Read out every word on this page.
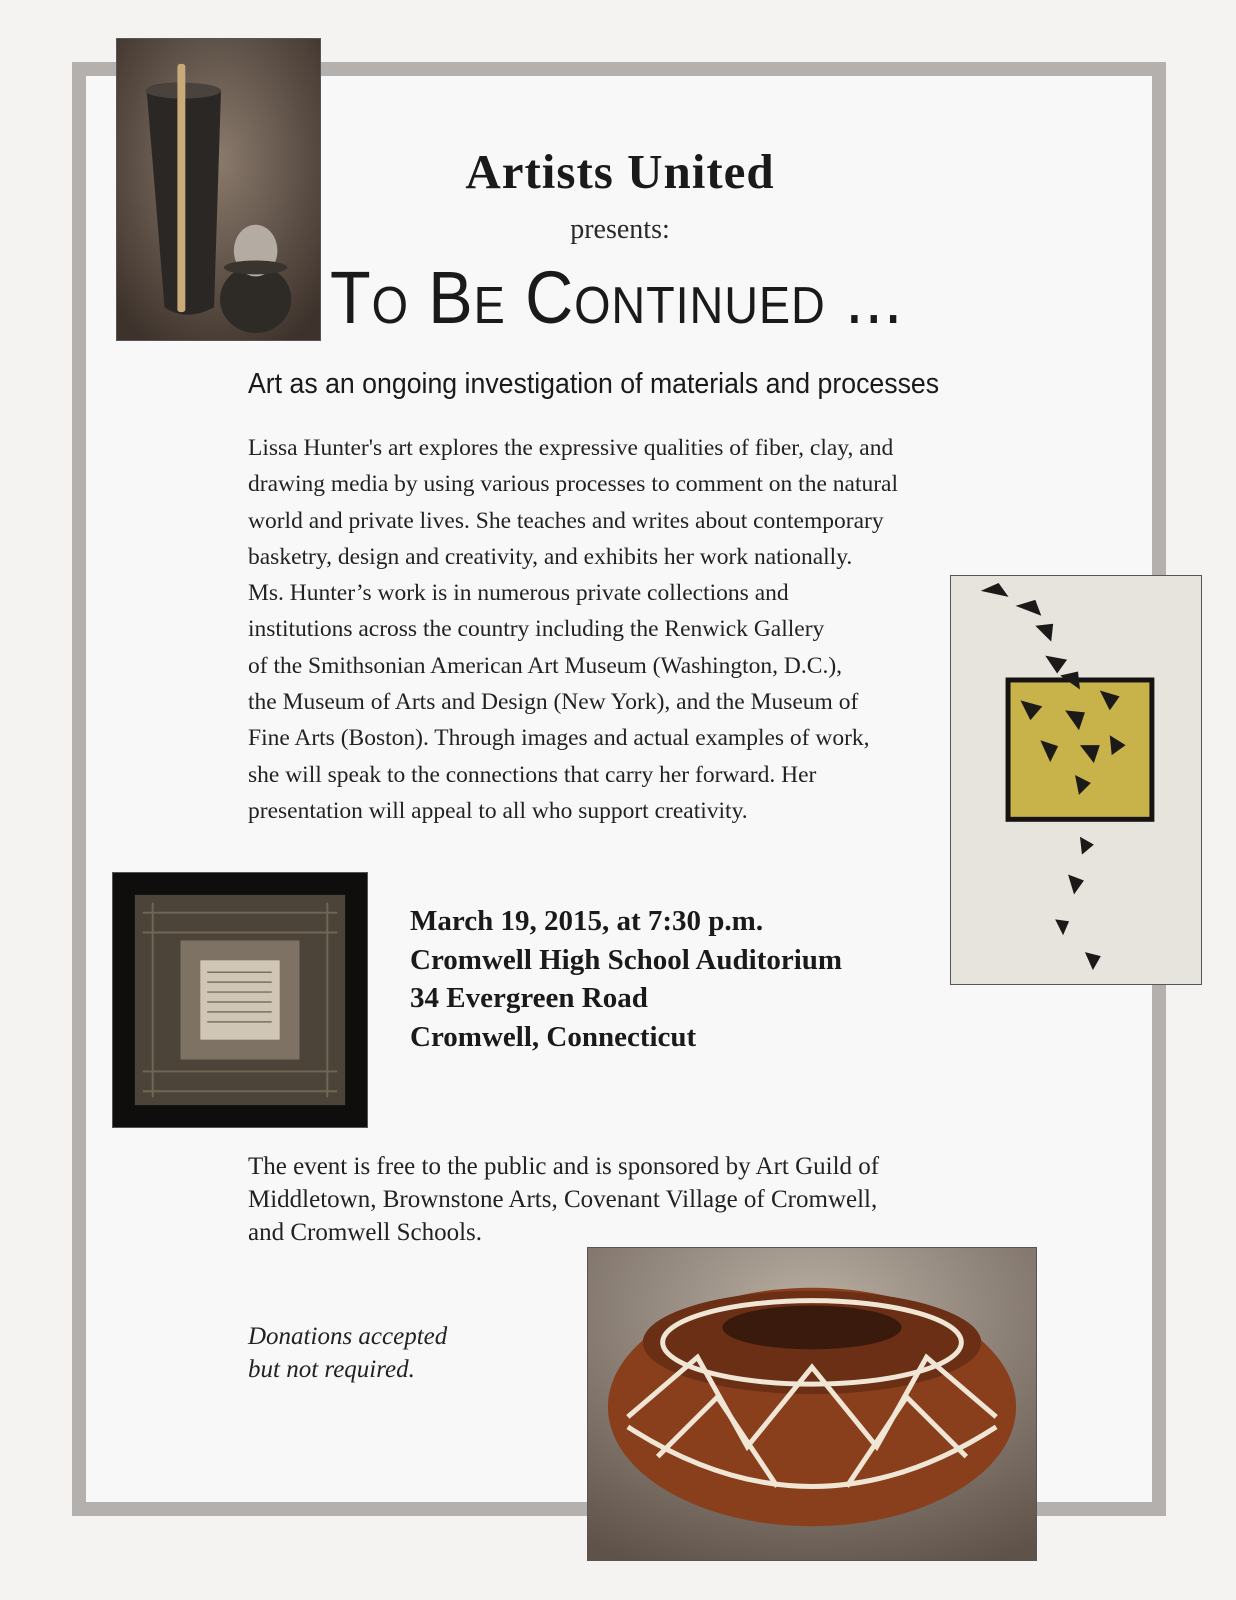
Artists United
presents:
To Be Continued ...
Art as an ongoing investigation of materials and processes
Lissa Hunter's art explores the expressive qualities of fiber, clay, and
drawing media by using various processes to comment on the natural
world and private lives. She teaches and writes about contemporary
basketry, design and creativity, and exhibits her work nationally.
Ms. Hunter’s work is in numerous private collections and
institutions across the country including the Renwick Gallery
of the Smithsonian American Art Museum (Washington, D.C.),
the Museum of Arts and Design (New York), and the Museum of
Fine Arts (Boston). Through images and actual examples of work,
she will speak to the connections that carry her forward. Her
presentation will appeal to all who support creativity.
March 19, 2015, at 7:30 p.m.
Cromwell High School Auditorium
34 Evergreen Road
Cromwell, Connecticut
The event is free to the public and is sponsored by Art Guild of
Middletown, Brownstone Arts, Covenant Village of Cromwell,
and Cromwell Schools.
Donations accepted
but not required.
